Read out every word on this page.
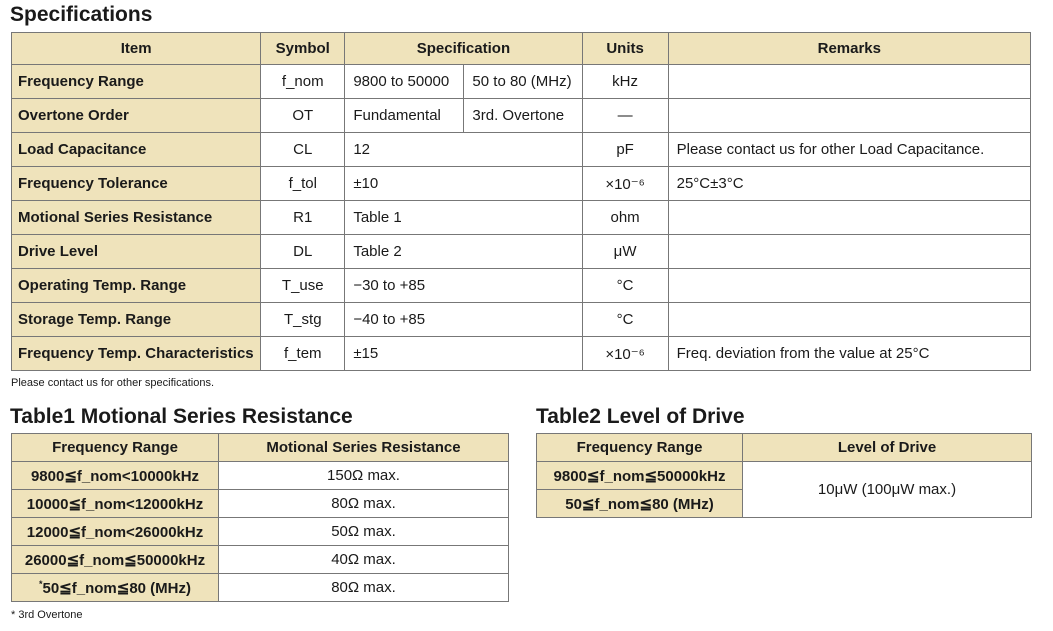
Specifications
Item	Symbol	Specification		Units	Remarks
Frequency Range	f_nom	9800 to 50000	50 to 80 (MHz)	kHz	
Overtone Order	OT	Fundamental	3rd. Overtone	—	
Load Capacitance	CL	12		pF	Please contact us for other Load Capacitance.
Frequency Tolerance	f_tol	±10		×10⁻⁶	25°C±3°C
Motional Series Resistance	R1	Table 1		ohm	
Drive Level	DL	Table 2		μW	
Operating Temp. Range	T_use	−30 to +85		°C	
Storage Temp. Range	T_stg	−40 to +85		°C	
Frequency Temp. Characteristics	f_tem	±15		×10⁻⁶	Freq. deviation from the value at 25°C
Please contact us for other specifications.
Table1 Motional Series Resistance
Frequency Range	Motional Series Resistance
9800≦f_nom<10000kHz	150Ω max.
10000≦f_nom<12000kHz	80Ω max.
12000≦f_nom<26000kHz	50Ω max.
26000≦f_nom≦50000kHz	40Ω max.
*50≦f_nom≦80 (MHz)	80Ω max.
* 3rd Overtone
Table2 Level of Drive
Frequency Range	Level of Drive
9800≦f_nom≦50000kHz	10μW (100μW max.)
50≦f_nom≦80 (MHz)	
